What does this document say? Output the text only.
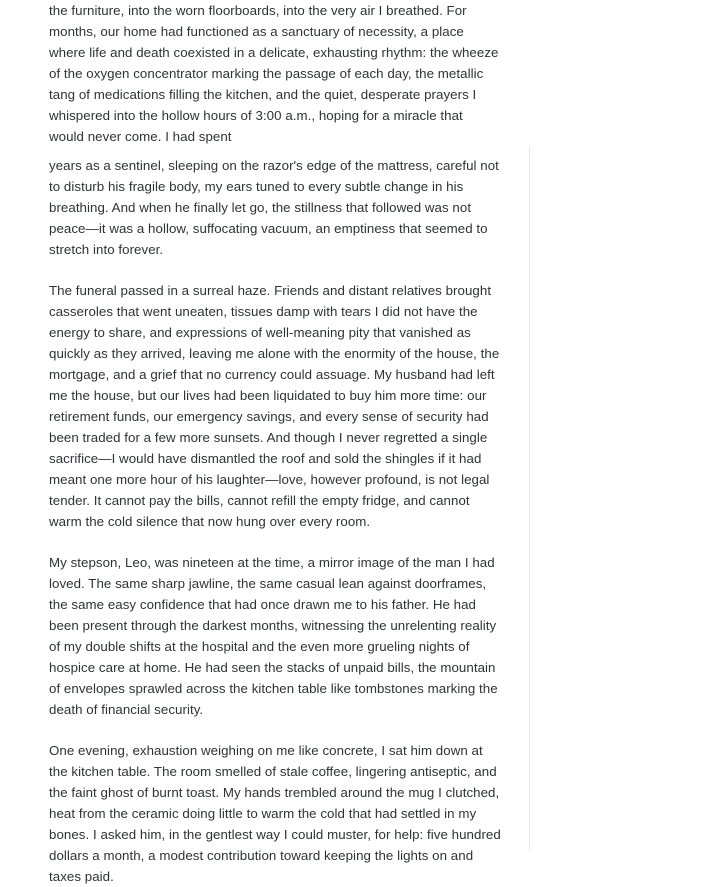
the furniture, into the worn floorboards, into the very air I breathed. For months, our home had functioned as a sanctuary of necessity, a place where life and death coexisted in a delicate, exhausting rhythm: the wheeze of the oxygen concentrator marking the passage of each day, the metallic tang of medications filling the kitchen, and the quiet, desperate prayers I whispered into the hollow hours of 3:00 a.m., hoping for a miracle that would never come. I had spent

years as a sentinel, sleeping on the razor's edge of the mattress, careful not to disturb his fragile body, my ears tuned to every subtle change in his breathing. And when he finally let go, the stillness that followed was not peace—it was a hollow, suffocating vacuum, an emptiness that seemed to stretch into forever.

The funeral passed in a surreal haze. Friends and distant relatives brought casseroles that went uneaten, tissues damp with tears I did not have the energy to share, and expressions of well-meaning pity that vanished as quickly as they arrived, leaving me alone with the enormity of the house, the mortgage, and a grief that no currency could assuage. My husband had left me the house, but our lives had been liquidated to buy him more time: our retirement funds, our emergency savings, and every sense of security had been traded for a few more sunsets. And though I never regretted a single sacrifice—I would have dismantled the roof and sold the shingles if it had meant one more hour of his laughter—love, however profound, is not legal tender. It cannot pay the bills, cannot refill the empty fridge, and cannot warm the cold silence that now hung over every room.

My stepson, Leo, was nineteen at the time, a mirror image of the man I had loved. The same sharp jawline, the same casual lean against doorframes, the same easy confidence that had once drawn me to his father. He had been present through the darkest months, witnessing the unrelenting reality of my double shifts at the hospital and the even more grueling nights of hospice care at home. He had seen the stacks of unpaid bills, the mountain of envelopes sprawled across the kitchen table like tombstones marking the death of financial security.

One evening, exhaustion weighing on me like concrete, I sat him down at the kitchen table. The room smelled of stale coffee, lingering antiseptic, and the faint ghost of burnt toast. My hands trembled around the mug I clutched, heat from the ceramic doing little to warm the cold that had settled in my bones. I asked him, in the gentlest way I could muster, for help: five hundred dollars a month, a modest contribution toward keeping the lights on and taxes paid.
